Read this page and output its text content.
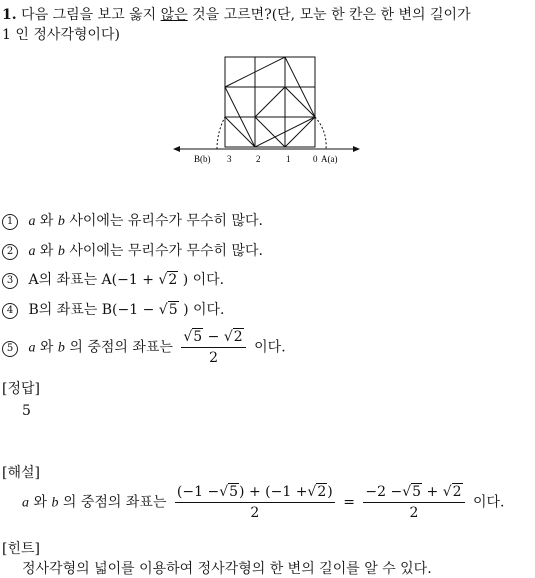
1. 다음 그림을 보고 옳지 않은 것을 고르면?(단, 모눈 한 칸은 한 변의 길이가
1 인 정사각형이다)
B(b) 3	2	1	0 A(a)
1 a 와 b 사이에는 유리수가 무수히 많다.
2 a 와 b 사이에는 무리수가 무수히 많다.
3 A의 좌표는 A(−1 + √2 ) 이다.
4 B의 좌표는 B(−1 − √5 ) 이다.
5 a 와 b 의 중점의 좌표는 $\frac{√5 - √2}{2}$ 이다.
[정답]
5
[해설]
a 와 b 의 중점의 좌표는 $\frac{(-1 -√5) + (-1 +√2)}{2} = \frac{-2 -√5 + √2}{2}$ 이다.
[힌트]
정사각형의 넓이를 이용하여 정사각형의 한 변의 길이를 알 수 있다.
